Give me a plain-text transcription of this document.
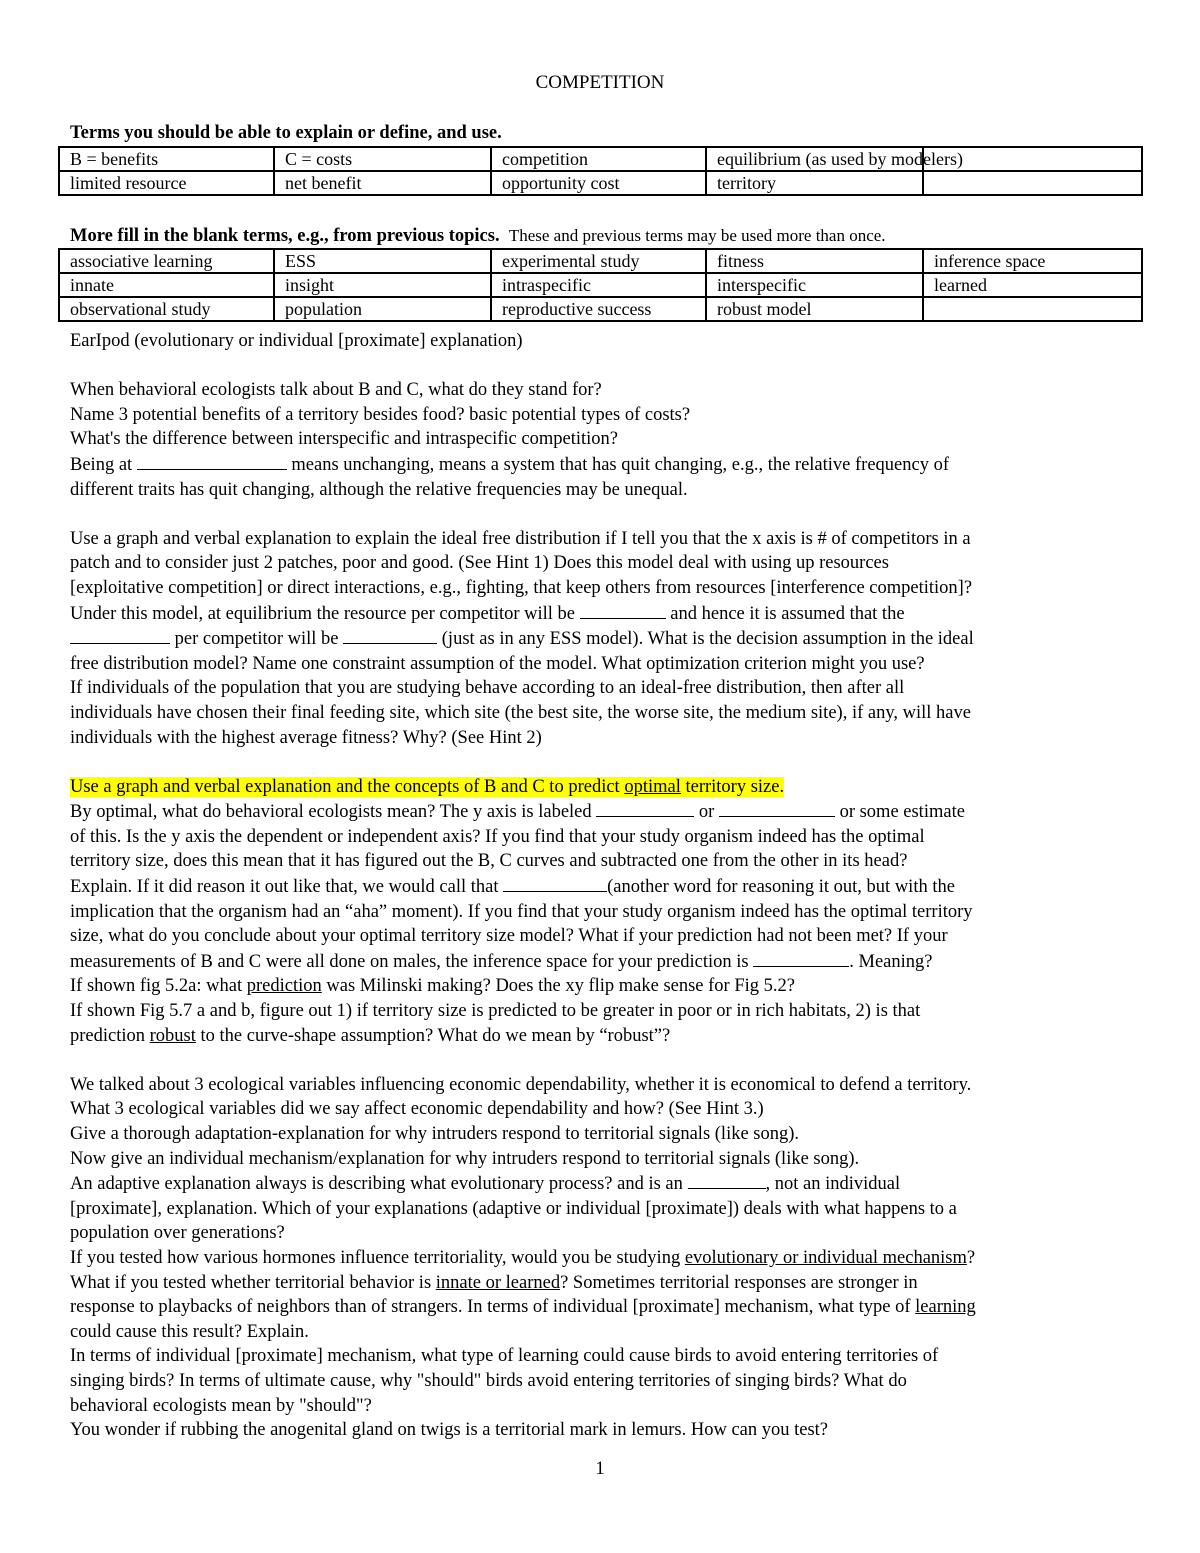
COMPETITION
Terms you should be able to explain or define, and use.
B = benefits	C = costs	competition	equilibrium (as used by modelers)	
limited resource	net benefit	opportunity cost	territory	
More fill in the blank terms, e.g., from previous topics. These and previous terms may be used more than once.
associative learning	ESS	experimental study	fitness	inference space
innate	insight	intraspecific	interspecific	learned
observational study	population	reproductive success	robust model	

EarIpod (evolutionary or individual [proximate] explanation)

When behavioral ecologists talk about B and C, what do they stand for?

Name 3 potential benefits of a territory besides food? basic potential types of costs?

What's the difference between interspecific and intraspecific competition?

Being at	means unchanging, means a system that has quit changing, e.g., the relative frequency of

different traits has quit changing, although the relative frequencies may be unequal.

Use a graph and verbal explanation to explain the ideal free distribution if I tell you that the x axis is # of competitors in a

patch and to consider just 2 patches, poor and good. (See Hint 1) Does this model deal with using up resources

[exploitative competition] or direct interactions, e.g., fighting, that keep others from resources [interference competition]?

Under this model, at equilibrium the resource per competitor will be	and hence it is assumed that the

per competitor will be	(just as in any ESS model). What is the decision assumption in the ideal

free distribution model? Name one constraint assumption of the model. What optimization criterion might you use?

If individuals of the population that you are studying behave according to an ideal-free distribution, then after all

individuals have chosen their final feeding site, which site (the best site, the worse site, the medium site), if any, will have

individuals with the highest average fitness? Why? (See Hint 2)

Use a graph and verbal explanation and the concepts of B and C to predict optimal territory size.

By optimal, what do behavioral ecologists mean? The y axis is labeled	or	or some estimate

of this. Is the y axis the dependent or independent axis? If you find that your study organism indeed has the optimal

territory size, does this mean that it has figured out the B, C curves and subtracted one from the other in its head?

Explain. If it did reason it out like that, we would call that	(another word for reasoning it out, but with the

implication that the organism had an “aha” moment). If you find that your study organism indeed has the optimal territory

size, what do you conclude about your optimal territory size model? What if your prediction had not been met? If your

measurements of B and C were all done on males, the inference space for your prediction is	. Meaning?

If shown fig 5.2a: what prediction was Milinski making? Does the xy flip make sense for Fig 5.2?

If shown Fig 5.7 a and b, figure out 1) if territory size is predicted to be greater in poor or in rich habitats, 2) is that

prediction robust to the curve-shape assumption? What do we mean by “robust”?

We talked about 3 ecological variables influencing economic dependability, whether it is economical to defend a territory.

What 3 ecological variables did we say affect economic dependability and how? (See Hint 3.)

Give a thorough adaptation-explanation for why intruders respond to territorial signals (like song).

Now give an individual mechanism/explanation for why intruders respond to territorial signals (like song).

An adaptive explanation always is describing what evolutionary process? and is an	, not an individual

[proximate], explanation. Which of your explanations (adaptive or individual [proximate]) deals with what happens to a

population over generations?

If you tested how various hormones influence territoriality, would you be studying evolutionary or individual mechanism?

What if you tested whether territorial behavior is innate or learned? Sometimes territorial responses are stronger in

response to playbacks of neighbors than of strangers. In terms of individual [proximate] mechanism, what type of learning

could cause this result? Explain.

In terms of individual [proximate] mechanism, what type of learning could cause birds to avoid entering territories of

singing birds? In terms of ultimate cause, why "should" birds avoid entering territories of singing birds? What do

behavioral ecologists mean by "should"?

You wonder if rubbing the anogenital gland on twigs is a territorial mark in lemurs. How can you test?

1
